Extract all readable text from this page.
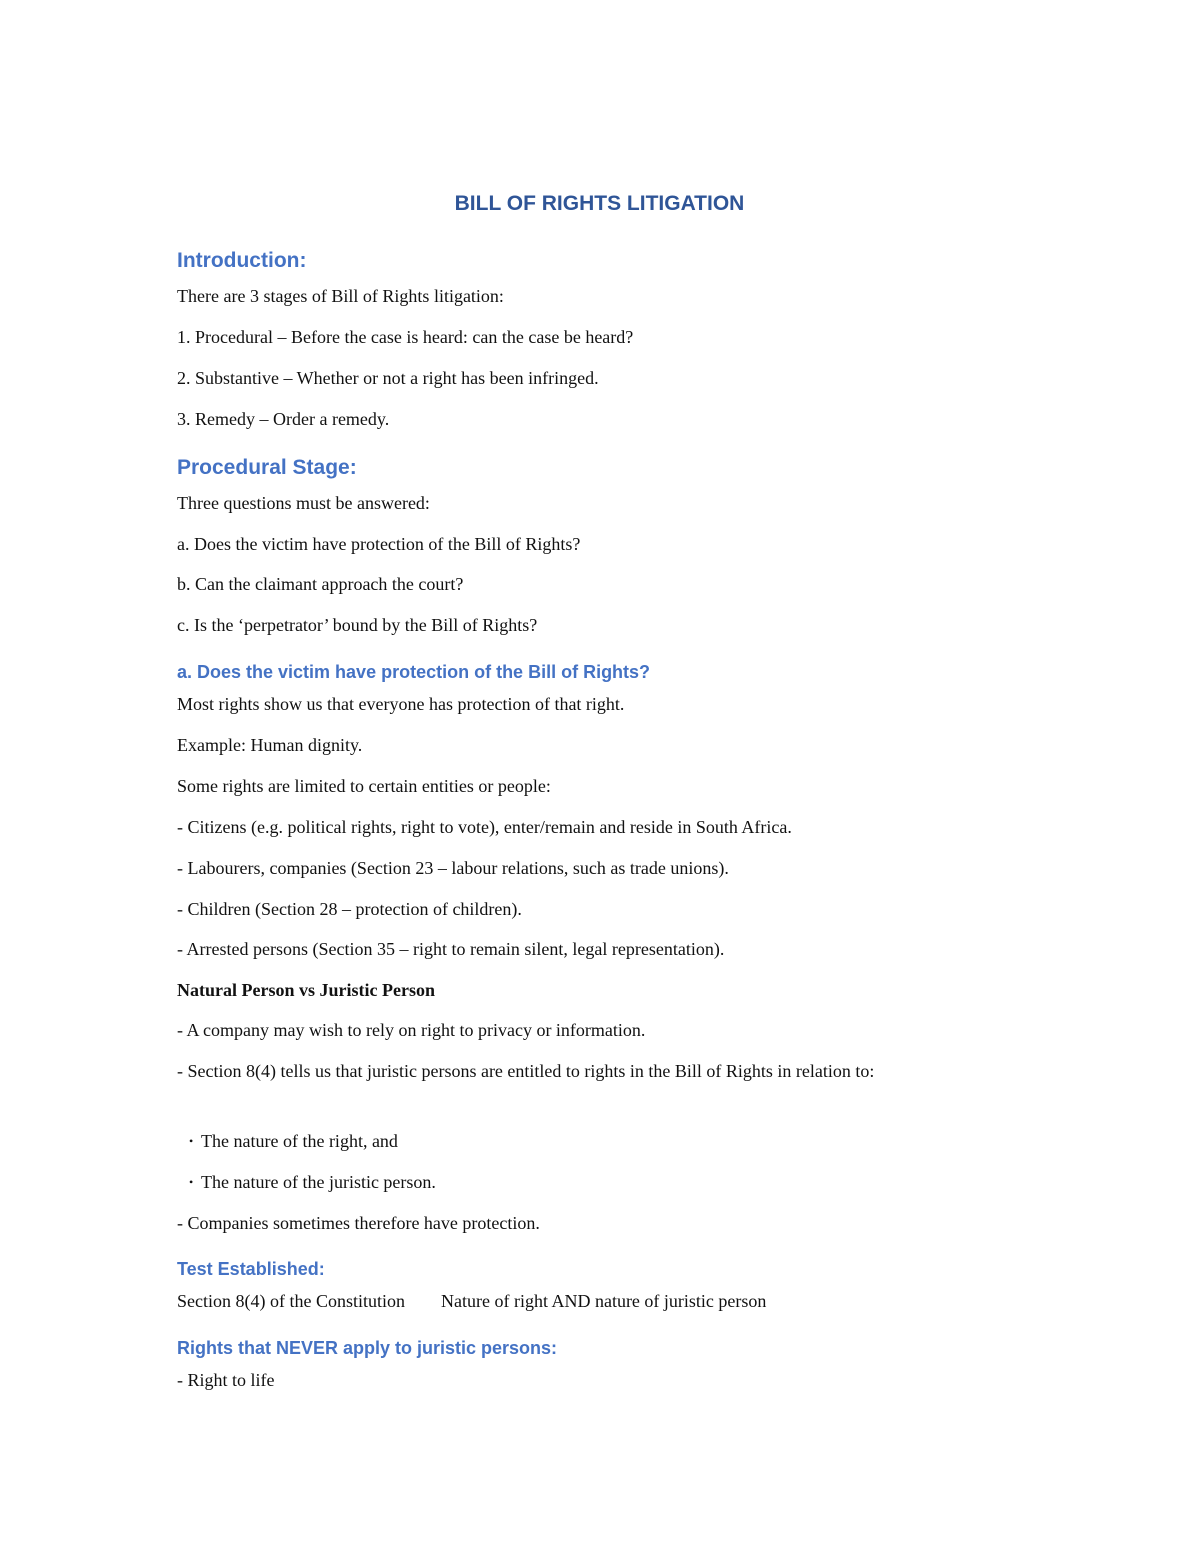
BILL OF RIGHTS LITIGATION
Introduction:

There are 3 stages of Bill of Rights litigation:

1. Procedural – Before the case is heard: can the case be heard?

2. Substantive – Whether or not a right has been infringed.

3. Remedy – Order a remedy.

Procedural Stage:

Three questions must be answered:

a. Does the victim have protection of the Bill of Rights?

b. Can the claimant approach the court?

c. Is the ‘perpetrator’ bound by the Bill of Rights?

a. Does the victim have protection of the Bill of Rights?

Most rights show us that everyone has protection of that right.

Example: Human dignity.

Some rights are limited to certain entities or people:

- Citizens (e.g. political rights, right to vote), enter/remain and reside in South Africa.

- Labourers, companies (Section 23 – labour relations, such as trade unions).

- Children (Section 28 – protection of children).

- Arrested persons (Section 35 – right to remain silent, legal representation).

Natural Person vs Juristic Person

- A company may wish to rely on right to privacy or information.

- Section 8(4) tells us that juristic persons are entitled to rights in the Bill of Rights in relation to:

• The nature of the right, and

• The nature of the juristic person.

- Companies sometimes therefore have protection.

Test Established:

Section 8(4) of the Constitution Nature of right AND nature of juristic person

Rights that NEVER apply to juristic persons:

- Right to life
